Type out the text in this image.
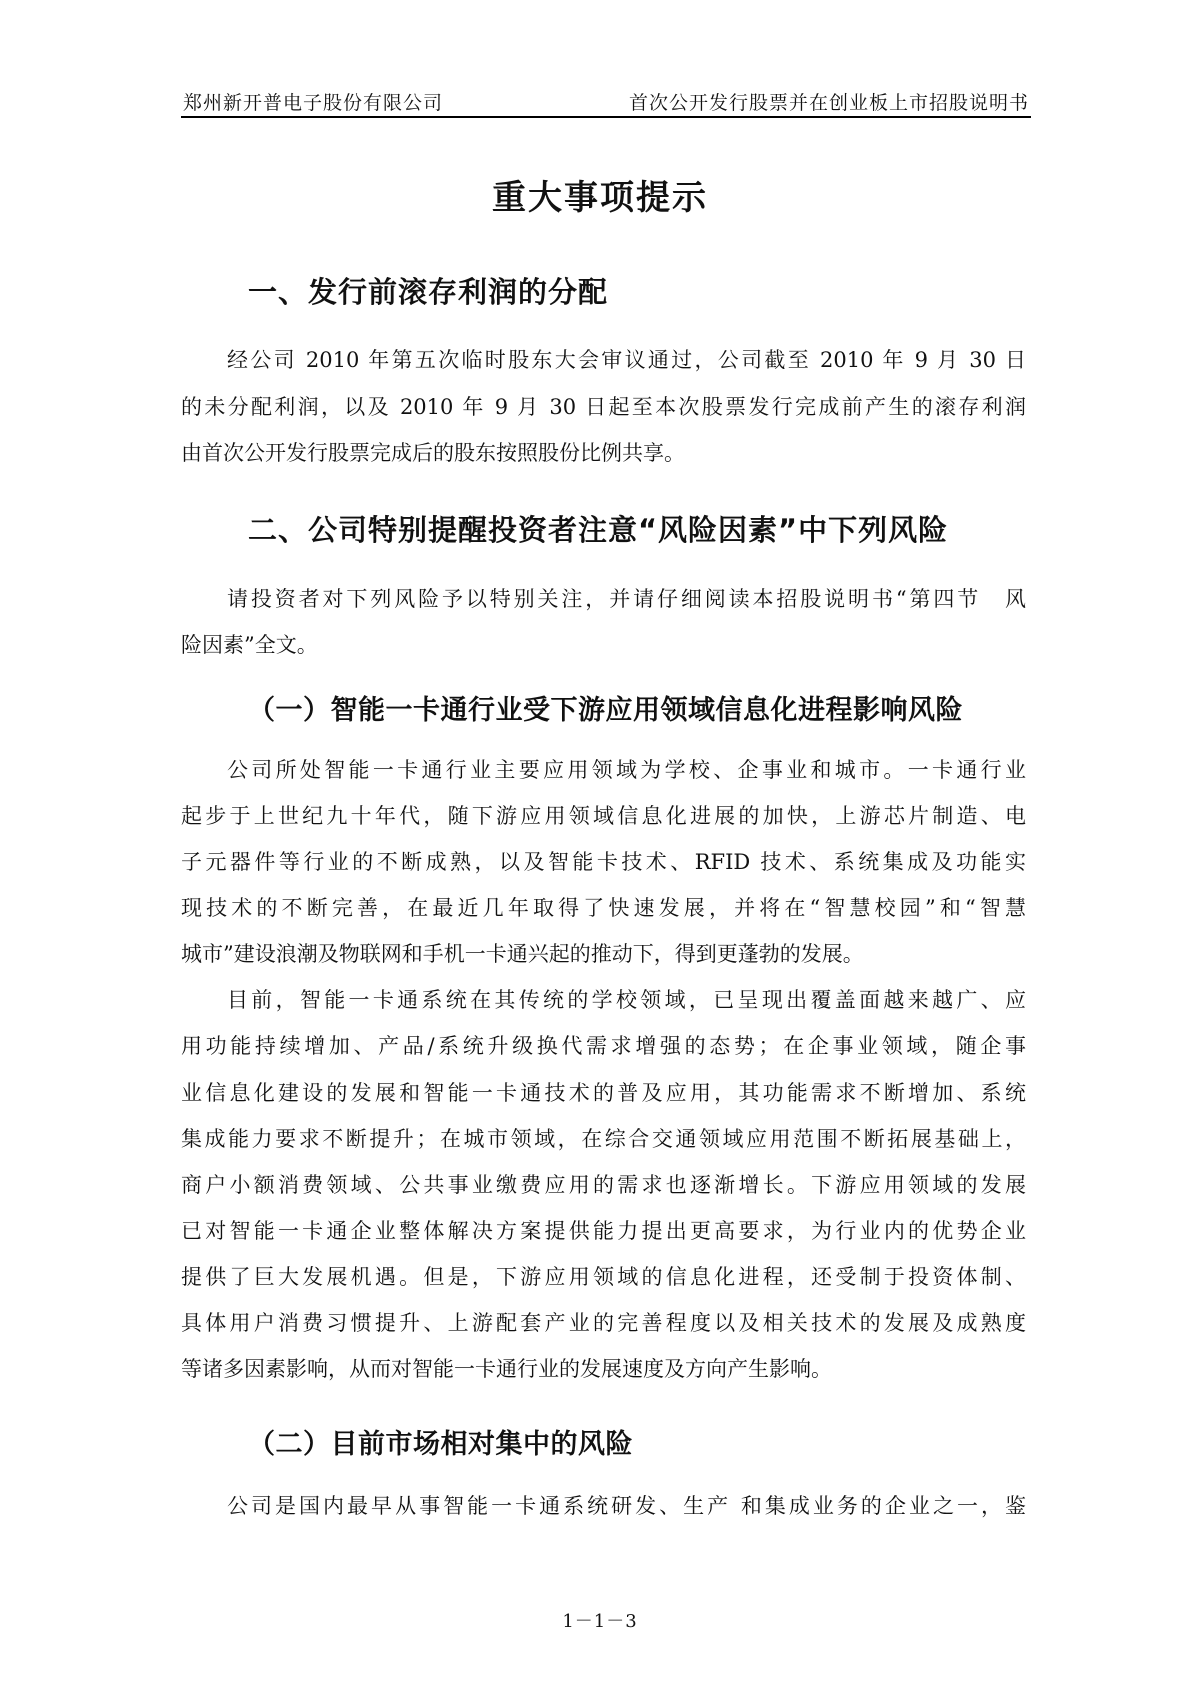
郑州新开普电子股份有限公司	首次公开发行股票并在创业板上市招股说明书
重大事项提示
一、发行前滚存利润的分配
经公司 2010 年第五次临时股东大会审议通过，公司截至 2010 年 9 月 30 日
的未分配利润，以及 2010 年 9 月 30 日起至本次股票发行完成前产生的滚存利润
由首次公开发行股票完成后的股东按照股份比例共享。
二、公司特别提醒投资者注意“风险因素”中下列风险
请投资者对下列风险予以特别关注，并请仔细阅读本招股说明书“第四节　风
险因素”全文。
（一）智能一卡通行业受下游应用领域信息化进程影响风险
公司所处智能一卡通行业主要应用领域为学校、企事业和城市。一卡通行业
起步于上世纪九十年代，随下游应用领域信息化进展的加快，上游芯片制造、电
子元器件等行业的不断成熟，以及智能卡技术、RFID 技术、系统集成及功能实
现技术的不断完善，在最近几年取得了快速发展，并将在“智慧校园”和“智慧
城市”建设浪潮及物联网和手机一卡通兴起的推动下，得到更蓬勃的发展。
目前，智能一卡通系统在其传统的学校领域，已呈现出覆盖面越来越广、应
用功能持续增加、产品/系统升级换代需求增强的态势；在企事业领域，随企事
业信息化建设的发展和智能一卡通技术的普及应用，其功能需求不断增加、系统
集成能力要求不断提升；在城市领域，在综合交通领域应用范围不断拓展基础上，
商户小额消费领域、公共事业缴费应用的需求也逐渐增长。下游应用领域的发展
已对智能一卡通企业整体解决方案提供能力提出更高要求，为行业内的优势企业
提供了巨大发展机遇。但是，下游应用领域的信息化进程，还受制于投资体制、
具体用户消费习惯提升、上游配套产业的完善程度以及相关技术的发展及成熟度
等诸多因素影响，从而对智能一卡通行业的发展速度及方向产生影响。
（二）目前市场相对集中的风险
公司是国内最早从事智能一卡通系统研发、生产 和集成业务的企业之一，鉴
1－1－3
